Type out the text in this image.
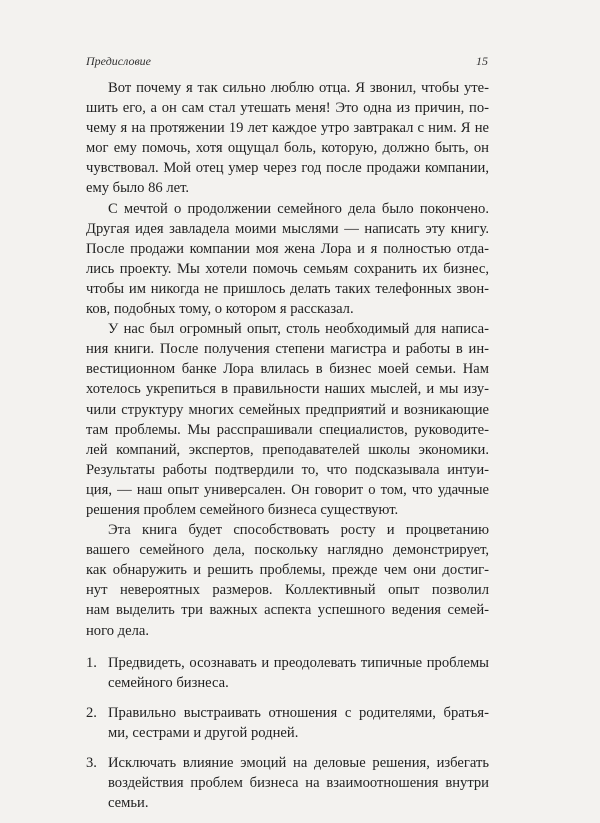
Предисловие	15

Вот почему я так сильно люблю отца. Я звонил, чтобы уте-
шить его, а он сам стал утешать меня! Это одна из причин, по-
чему я на протяжении 19 лет каждое утро завтракал с ним. Я не
мог ему помочь, хотя ощущал боль, которую, должно быть, он
чувствовал. Мой отец умер через год после продажи компании,
ему было 86 лет.

С мечтой о продолжении семейного дела было покончено.
Другая идея завладела моими мыслями — написать эту книгу.
После продажи компании моя жена Лора и я полностью отда-
лись проекту. Мы хотели помочь семьям сохранить их бизнес,
чтобы им никогда не пришлось делать таких телефонных звон-
ков, подобных тому, о котором я рассказал.

У нас был огромный опыт, столь необходимый для написа-
ния книги. После получения степени магистра и работы в ин-
вестиционном банке Лора влилась в бизнес моей семьи. Нам
хотелось укрепиться в правильности наших мыслей, и мы изу-
чили структуру многих семейных предприятий и возникающие
там проблемы. Мы расспрашивали специалистов, руководите-
лей компаний, экспертов, преподавателей школы экономики.
Результаты работы подтвердили то, что подсказывала интуи-
ция, — наш опыт универсален. Он говорит о том, что удачные
решения проблем семейного бизнеса существуют.

Эта книга будет способствовать росту и процветанию
вашего семейного дела, поскольку наглядно демонстрирует,
как обнаружить и решить проблемы, прежде чем они достиг-
нут невероятных размеров. Коллективный опыт позволил
нам выделить три важных аспекта успешного ведения семей-
ного дела.

1. Предвидеть, осознавать и преодолевать типичные проблемы
семейного бизнеса.
2. Правильно выстраивать отношения с родителями, братья-
ми, сестрами и другой родней.
3. Исключать влияние эмоций на деловые решения, избегать
воздействия проблем бизнеса на взаимоотношения внутри
семьи.
